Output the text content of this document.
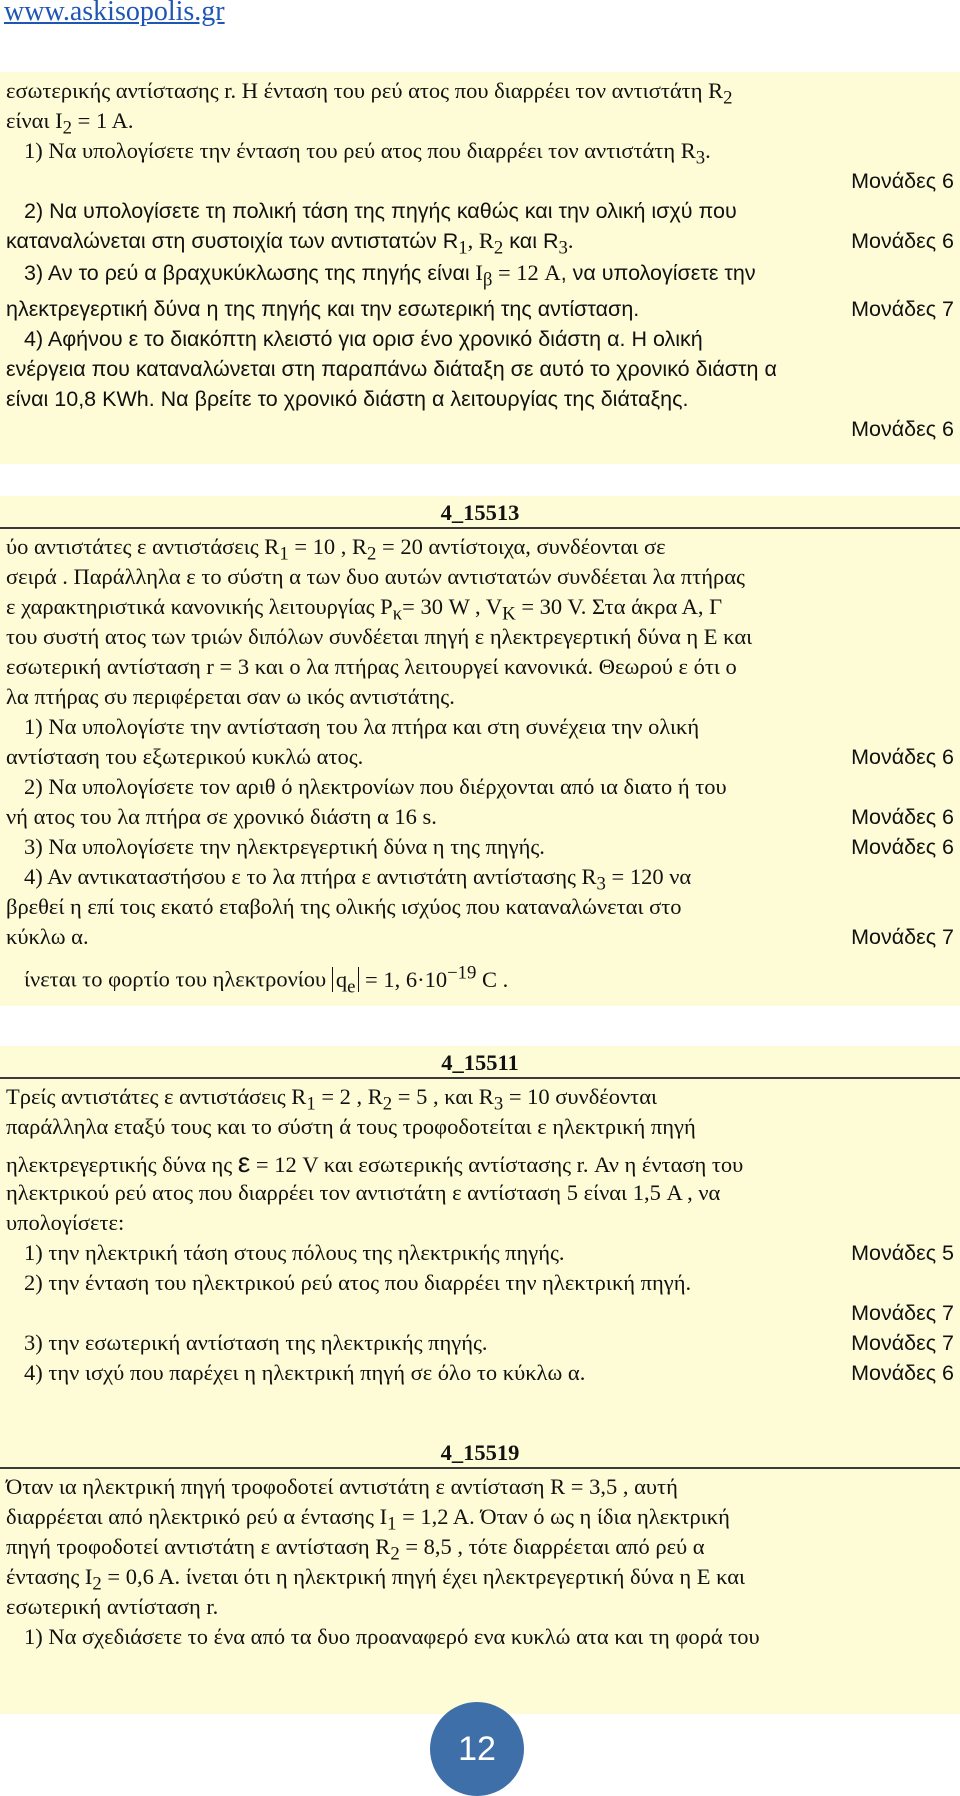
www.askisopolis.gr
εσωτερικής αντίστασης r. Η ένταση του ρεύ ατος που διαρρέει τον αντιστάτη $R_2$
είναι $I_2 = 1$ A.
1) Να υπολογίσετε την ένταση του ρεύ ατος που διαρρέει τον αντιστάτη $R_3$.
Μονάδες 6
2) Να υπολογίσετε τη πολική τάση της πηγής καθώς και την ολική ισχύ που
καταναλώνεται στη συστοιχία των αντιστατών $R_1$, $R_2$ και $R_3$.	Μονάδες 6
3) Αν το ρεύ α βραχυκύκλωσης της πηγής είναι $I_\beta = 12$ A, να υπολογίσετε την
ηλεκτρεγερτική δύνα η της πηγής και την εσωτερική της αντίσταση.	Μονάδες 7
4) Αφήνου ε το διακόπτη κλειστό για ορισ ένο χρονικό διάστη α. Η ολική
ενέργεια που καταναλώνεται στη παραπάνω διάταξη σε αυτό το χρονικό διάστη α
είναι 10,8 KWh. Να βρείτε το χρονικό διάστη α λειτουργίας της διάταξης.
Μονάδες 6
4_15513
ύο αντιστάτες ε αντιστάσεις $R_1 = 10$ , $R_2 = 20$ αντίστοιχα, συνδέονται σε
σειρά . Παράλληλα ε το σύστη α των δυο αυτών αντιστατών συνδέεται λα πτήρας
ε χαρακτηριστικά κανονικής λειτουργίας $P_\kappa= 30$ W , $V_K = 30$ V. Στα άκρα Α, Γ
του συστή ατος των τριών διπόλων συνδέεται πηγή ε ηλεκτρεγερτική δύνα η E και
εσωτερική αντίσταση r = 3 και ο λα πτήρας λειτουργεί κανονικά. Θεωρού ε ότι ο
λα πτήρας συ περιφέρεται σαν ω ικός αντιστάτης.
1) Να υπολογίστε την αντίσταση του λα πτήρα και στη συνέχεια την ολική
αντίσταση του εξωτερικού κυκλώ ατος.	Μονάδες 6
2) Να υπολογίσετε τον αριθ ό ηλεκτρονίων που διέρχονται από ια διατο ή του
νή ατος του λα πτήρα σε χρονικό διάστη α 16 s.	Μονάδες 6
3) Να υπολογίσετε την ηλεκτρεγερτική δύνα η της πηγής.	Μονάδες 6
4) Αν αντικαταστήσου ε το λα πτήρα ε αντιστάτη αντίστασης $R_3 = 120$ να
βρεθεί η επί τοις εκατό εταβολή της ολικής ισχύος που καταναλώνεται στο
κύκλω α.	Μονάδες 7
ίνεται το φορτίο του ηλεκτρονίου $q_e = 1$, $6\cdot 10^{-19}$ C .
4_15511
Τρείς αντιστάτες ε αντιστάσεις $R_1 = 2$ , $R_2 = 5$ , και $R_3 = 10$ συνδέονται
παράλληλα εταξύ τους και το σύστη ά τους τροφοδοτείται ε ηλεκτρική πηγή
ηλεκτρεγερτικής δύνα ης ε = 12 V και εσωτερικής αντίστασης r. Αν η ένταση του
ηλεκτρικού ρεύ ατος που διαρρέει τον αντιστάτη ε αντίσταση 5 είναι 1,5 A , να
υπολογίσετε:
1) την ηλεκτρική τάση στους πόλους της ηλεκτρικής πηγής.	Μονάδες 5
2) την ένταση του ηλεκτρικού ρεύ ατος που διαρρέει την ηλεκτρική πηγή.
Μονάδες 7
3) την εσωτερική αντίσταση της ηλεκτρικής πηγής.	Μονάδες 7
4) την ισχύ που παρέχει η ηλεκτρική πηγή σε όλο το κύκλω α.	Μονάδες 6
4_15519
Όταν ια ηλεκτρική πηγή τροφοδοτεί αντιστάτη ε αντίσταση R = 3,5 , αυτή
διαρρέεται από ηλεκτρικό ρεύ α έντασης $I_1 = 1,2$ A. Όταν ό ως η ίδια ηλεκτρική
πηγή τροφοδοτεί αντιστάτη ε αντίσταση $R_2 = 8,5$ , τότε διαρρέεται από ρεύ α
έντασης $I_2 = 0,6$ A. ίνεται ότι η ηλεκτρική πηγή έχει ηλεκτρεγερτική δύνα η E και
εσωτερική αντίσταση r.
1) Να σχεδιάσετε το ένα από τα δυο προαναφερό ενα κυκλώ ατα και τη φορά του
12
